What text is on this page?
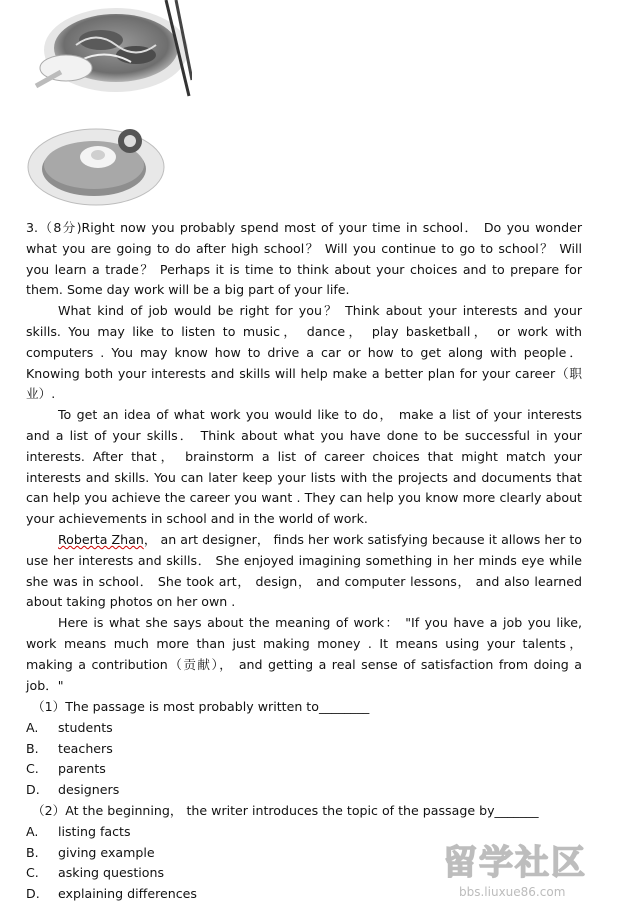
3.（8分)Right now you probably spend most of your time in school． Do you wonder what you are going to do after high school？ Will you continue to go to school？ Will you learn a trade？ Perhaps it is time to think about your choices and to prepare for them. Some day work will be a big part of your life.

What kind of job would be right for you？ Think about your interests and your skills. You may like to listen to music， dance， play basketball， or work with computers . You may know how to drive a car or how to get along with people． Knowing both your interests and skills will help make a better plan for your career（职业）.

To get an idea of what work you would like to do， make a list of your interests and a list of your skills． Think about what you have done to be successful in your interests. After that， brainstorm a list of career choices that might match your interests and skills. You can later keep your lists with the projects and documents that can help you achieve the career you want . They can help you know more clearly about your achievements in school and in the world of work.

Roberta Zhan， an art designer， finds her work satisfying because it allows her to use her interests and skills． She enjoyed imagining something in her minds eye while she was in school． She took art， design， and computer lessons， and also learned about taking photos on her own .

Here is what she says about the meaning of work： "If you have a job you like, work means much more than just making money . It means using your talents， making a contribution（贡献）， and getting a real sense of satisfaction from doing a job．"

（1）The passage is most probably written to________

A. students

B. teachers

C. parents

D. designers

（2）At the beginning， the writer introduces the topic of the passage by_______

A. listing facts

B. giving example

C. asking questions

D. explaining differences

留学社区
bbs.liuxue86.com
